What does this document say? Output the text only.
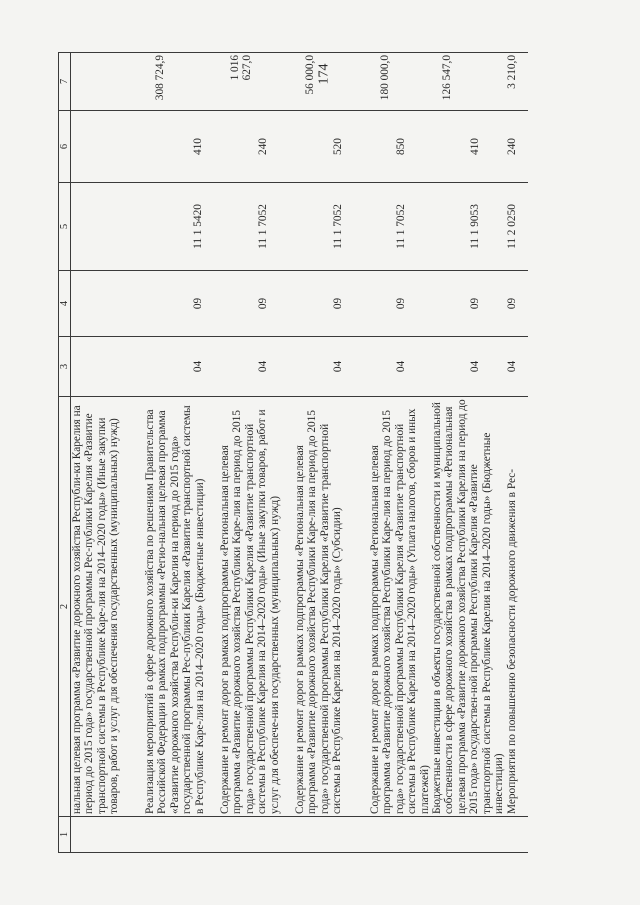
174
1	2	3	4	5	6	7

	нальная целевая программа «Развитие дорожного хозяйства Республи-ки Карелия на период до 2015 года» государственной программы Рес-публики Карелия «Развитие транспортной системы в Республике Каре-лия на 2014–2020 годы» (Иные закупки товаров, работ и услуг для обеспечения государственных (муниципальных) нужд)					

	Реализация мероприятий в сфере дорожного хозяйства по решениям Правительства Российской Федерации в рамках подпрограммы «Регио-нальная целевая программа «Развитие дорожного хозяйства Республи-ки Карелия на период до 2015 года» государственной программы Рес-публики Карелия «Развитие транспортной системы в Республике Каре-лия на 2014–2020 годы» (Бюджетные инвестиции)	04	09	11 1 5420	410	308 724,9

	Содержание и ремонт дорог в рамках подпрограммы «Региональная целевая программа «Развитие дорожного хозяйства Республики Каре-лия на период до 2015 года» государственной программы Республики Карелия «Развитие транспортной системы в Республике Карелия на 2014–2020 годы» (Иные закупки товаров, работ и услуг для обеспече-ния государственных (муниципальных) нужд)	04	09	11 1 7052	240	1 016 627,0

	Содержание и ремонт дорог в рамках подпрограммы «Региональная целевая программа «Развитие дорожного хозяйства Республики Каре-лия на период до 2015 года» государственной программы Республики Карелия «Развитие транспортной системы в Республике Карелия на 2014–2020 годы» (Субсидии)	04	09	11 1 7052	520	56 000,0

	Содержание и ремонт дорог в рамках подпрограммы «Региональная целевая программа «Развитие дорожного хозяйства Республики Каре-лия на период до 2015 года» государственной программы Республики Карелия «Развитие транспортной системы в Республике Карелия на 2014–2020 годы» (Уплата налогов, сборов и иных платежей)	04	09	11 1 7052	850	180 000,0

	Бюджетные инвестиции в объекты государственной собственности и муниципальной собственности в сфере дорожного хозяйства в рамках подпрограммы «Региональная целевая программа «Развитие дорожного хозяйства Республики Карелия на период до 2015 года» государствен-ной программы Республики Карелия «Развитие транспортной системы в Республике Карелия на 2014–2020 годы» (Бюджетные инвестиции)	04	09	11 1 9053	410	126 547,0

	Мероприятия по повышению безопасности дорожного движения в Рес-	04	09	11 2 0250	240	3 210,0
